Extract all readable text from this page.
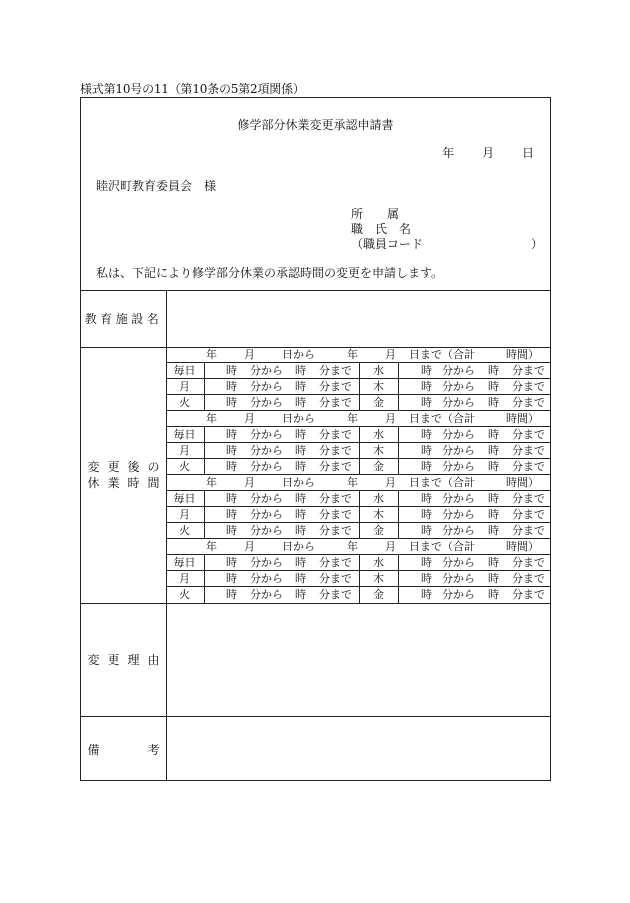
様式第10号の11（第10条の5第2項関係）
修学部分休業変更承認申請書
年 月 日
睦沢町教育委員会　様
所　　属
職　氏　名
（職員コード	）
私は、下記により修学部分休業の承認時間の変更を申請します。
教育施設名
変 更 後 の
休 業 時 間
変 更 理 由
備	考
年 月 日から	年 月 日まで（合計	時間）
毎日	時 分から 時 分まで	水	時 分から 時 分まで
月	時 分から 時 分まで	木	時 分から 時 分まで
火	時 分から 時 分まで	金	時 分から 時 分まで
年 月 日から	年 月 日まで（合計	時間）
毎日	時 分から 時 分まで	水	時 分から 時 分まで
月	時 分から 時 分まで	木	時 分から 時 分まで
火	時 分から 時 分まで	金	時 分から 時 分まで
年 月 日から	年 月 日まで（合計	時間）
毎日	時 分から 時 分まで	水	時 分から 時 分まで
月	時 分から 時 分まで	木	時 分から 時 分まで
火	時 分から 時 分まで	金	時 分から 時 分まで
年 月 日から	年 月 日まで（合計	時間）
毎日	時 分から 時 分まで	水	時 分から 時 分まで
月	時 分から 時 分まで	木	時 分から 時 分まで
火	時 分から 時 分まで	金	時 分から 時 分まで
